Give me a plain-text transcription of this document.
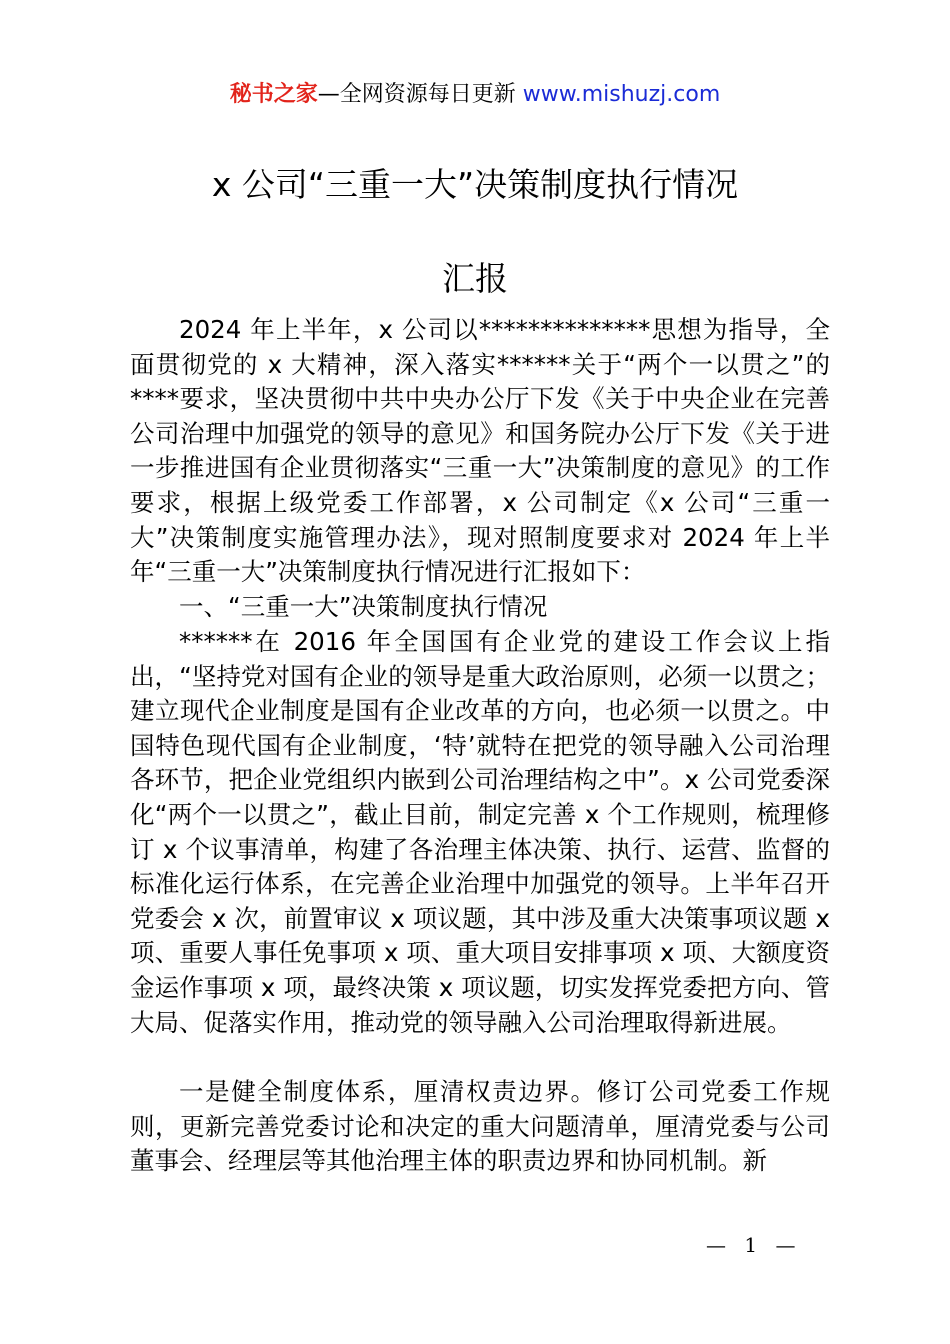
秘书之家—全网资源每日更新 www.mishuzj.com
x 公司“三重一大”决策制度执行情况
汇报

2024 年上半年，x 公司以**************思想为指导，全面贯彻党的 x 大精神，深入落实******关于“两个一以贯之”的****要求，坚决贯彻中共中央办公厅下发《关于中央企业在完善公司治理中加强党的领导的意见》和国务院办公厅下发《关于进一步推进国有企业贯彻落实“三重一大”决策制度的意见》的工作要求，根据上级党委工作部署，x 公司制定《x 公司“三重一大”决策制度实施管理办法》，现对照制度要求对 2024 年上半年“三重一大”决策制度执行情况进行汇报如下：

一、“三重一大”决策制度执行情况

******在 2016 年全国国有企业党的建设工作会议上指出，“坚持党对国有企业的领导是重大政治原则，必须一以贯之；建立现代企业制度是国有企业改革的方向，也必须一以贯之。中国特色现代国有企业制度，‘特’就特在把党的领导融入公司治理各环节，把企业党组织内嵌到公司治理结构之中”。x 公司党委深化“两个一以贯之”，截止目前，制定完善 x 个工作规则，梳理修订 x 个议事清单，构建了各治理主体决策、执行、运营、监督的标准化运行体系，在完善企业治理中加强党的领导。上半年召开党委会 x 次，前置审议 x 项议题，其中涉及重大决策事项议题 x 项、重要人事任免事项 x 项、重大项目安排事项 x 项、大额度资金运作事项 x 项，最终决策 x 项议题，切实发挥党委把方向、管大局、促落实作用，推动党的领导融入公司治理取得新进展。

一是健全制度体系，厘清权责边界。修订公司党委工作规则，更新完善党委讨论和决定的重大问题清单，厘清党委与公司董事会、经理层等其他治理主体的职责边界和协同机制。新

— 1 —
